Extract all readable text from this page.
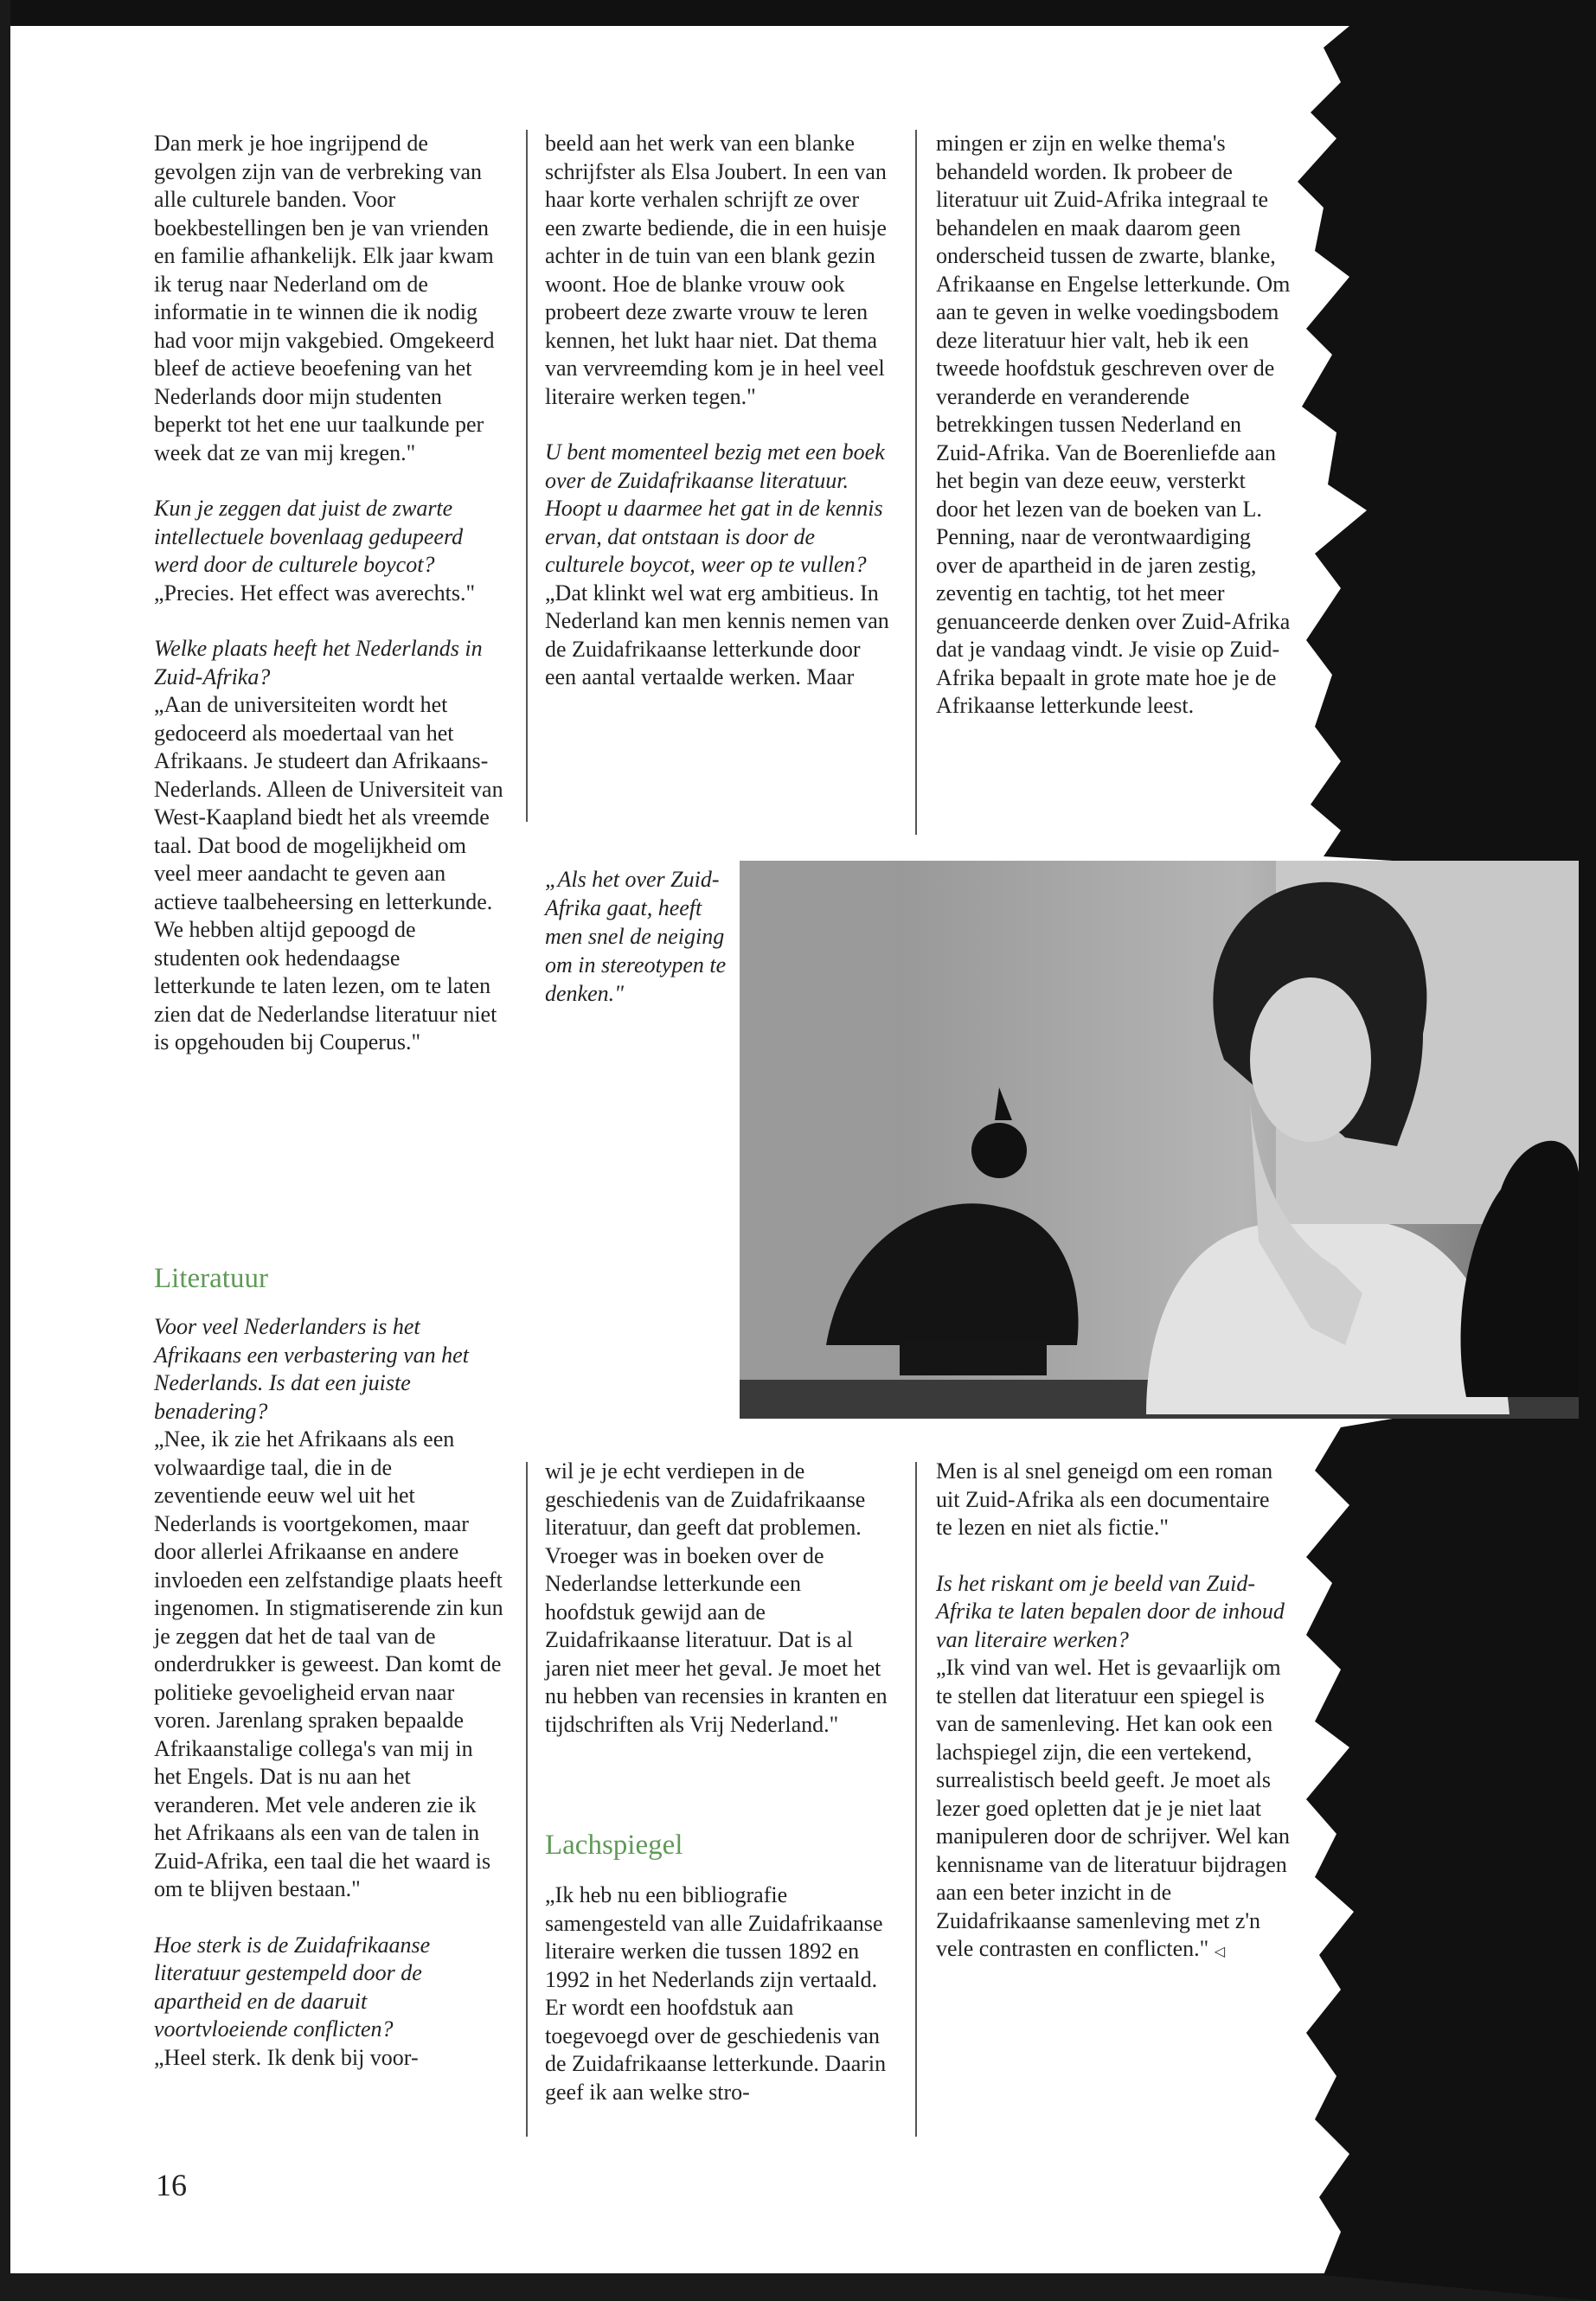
Dan merk je hoe ingrijpend de gevolgen zijn van de verbreking van alle culturele banden. Voor boekbestellingen ben je van vrienden en familie afhankelijk. Elk jaar kwam ik terug naar Nederland om de informatie in te winnen die ik nodig had voor mijn vakgebied. Omgekeerd bleef de actieve beoefening van het Nederlands door mijn studenten beperkt tot het ene uur taalkunde per week dat ze van mij kregen."

Kun je zeggen dat juist de zwarte intellectuele bovenlaag gedupeerd werd door de culturele boycot?
„Precies. Het effect was averechts."

Welke plaats heeft het Nederlands in Zuid-Afrika?
„Aan de universiteiten wordt het gedoceerd als moedertaal van het Afrikaans. Je studeert dan Afrikaans-Nederlands. Alleen de Universiteit van West-Kaapland biedt het als vreemde taal. Dat bood de mogelijkheid om veel meer aandacht te geven aan actieve taalbeheersing en letterkunde. We hebben altijd gepoogd de studenten ook hedendaagse letterkunde te laten lezen, om te laten zien dat de Nederlandse literatuur niet is opgehouden bij Couperus."

Literatuur

Voor veel Nederlanders is het Afrikaans een verbastering van het Nederlands. Is dat een juiste benadering?
„Nee, ik zie het Afrikaans als een volwaardige taal, die in de zeventiende eeuw wel uit het Nederlands is voortgekomen, maar door allerlei Afrikaanse en andere invloeden een zelfstandige plaats heeft ingenomen. In stigmatiserende zin kun je zeggen dat het de taal van de onderdrukker is geweest. Dan komt de politieke gevoeligheid ervan naar voren. Jarenlang spraken bepaalde Afrikaanstalige collega's van mij in het Engels. Dat is nu aan het veranderen. Met vele anderen zie ik het Afrikaans als een van de talen in Zuid-Afrika, een taal die het waard is om te blijven bestaan."

Hoe sterk is de Zuidafrikaanse literatuur gestempeld door de apartheid en de daaruit voortvloeiende conflicten?
„Heel sterk. Ik denk bij voor-

beeld aan het werk van een blanke schrijfster als Elsa Joubert. In een van haar korte verhalen schrijft ze over een zwarte bediende, die in een huisje achter in de tuin van een blank gezin woont. Hoe de blanke vrouw ook probeert deze zwarte vrouw te leren kennen, het lukt haar niet. Dat thema van vervreemding kom je in heel veel literaire werken tegen."

U bent momenteel bezig met een boek over de Zuidafrikaanse literatuur. Hoopt u daarmee het gat in de kennis ervan, dat ontstaan is door de culturele boycot, weer op te vullen?
„Dat klinkt wel wat erg ambitieus. In Nederland kan men kennis nemen van de Zuidafrikaanse letterkunde door een aantal vertaalde werken. Maar

„Als het over Zuid-Afrika gaat, heeft men snel de neiging om in stereotypen te denken."

wil je je echt verdiepen in de geschiedenis van de Zuidafrikaanse literatuur, dan geeft dat problemen. Vroeger was in boeken over de Nederlandse letterkunde een hoofdstuk gewijd aan de Zuidafrikaanse literatuur. Dat is al jaren niet meer het geval. Je moet het nu hebben van recensies in kranten en tijdschriften als Vrij Nederland."

Lachspiegel

„Ik heb nu een bibliografie samengesteld van alle Zuidafrikaanse literaire werken die tussen 1892 en 1992 in het Nederlands zijn vertaald. Er wordt een hoofdstuk aan toegevoegd over de geschiedenis van de Zuidafrikaanse letterkunde. Daarin geef ik aan welke stro-

mingen er zijn en welke thema's behandeld worden. Ik probeer de literatuur uit Zuid-Afrika integraal te behandelen en maak daarom geen onderscheid tussen de zwarte, blanke, Afrikaanse en Engelse letterkunde. Om aan te geven in welke voedingsbodem deze literatuur hier valt, heb ik een tweede hoofdstuk geschreven over de veranderde en veranderende betrekkingen tussen Nederland en Zuid-Afrika. Van de Boerenliefde aan het begin van deze eeuw, versterkt door het lezen van de boeken van L. Penning, naar de verontwaardiging over de apartheid in de jaren zestig, zeventig en tachtig, tot het meer genuanceerde denken over Zuid-Afrika dat je vandaag vindt. Je visie op Zuid-Afrika bepaalt in grote mate hoe je de Afrikaanse letterkunde leest.

Men is al snel geneigd om een roman uit Zuid-Afrika als een documentaire te lezen en niet als fictie."

Is het riskant om je beeld van Zuid-Afrika te laten bepalen door de inhoud van literaire werken?
„Ik vind van wel. Het is gevaarlijk om te stellen dat literatuur een spiegel is van de samenleving. Het kan ook een lachspiegel zijn, die een vertekend, surrealistisch beeld geeft. Je moet als lezer goed opletten dat je je niet laat manipuleren door de schrijver. Wel kan kennisname van de literatuur bijdragen aan een beter inzicht in de Zuidafrikaanse samenleving met z'n vele contrasten en conflicten." ◁

16
